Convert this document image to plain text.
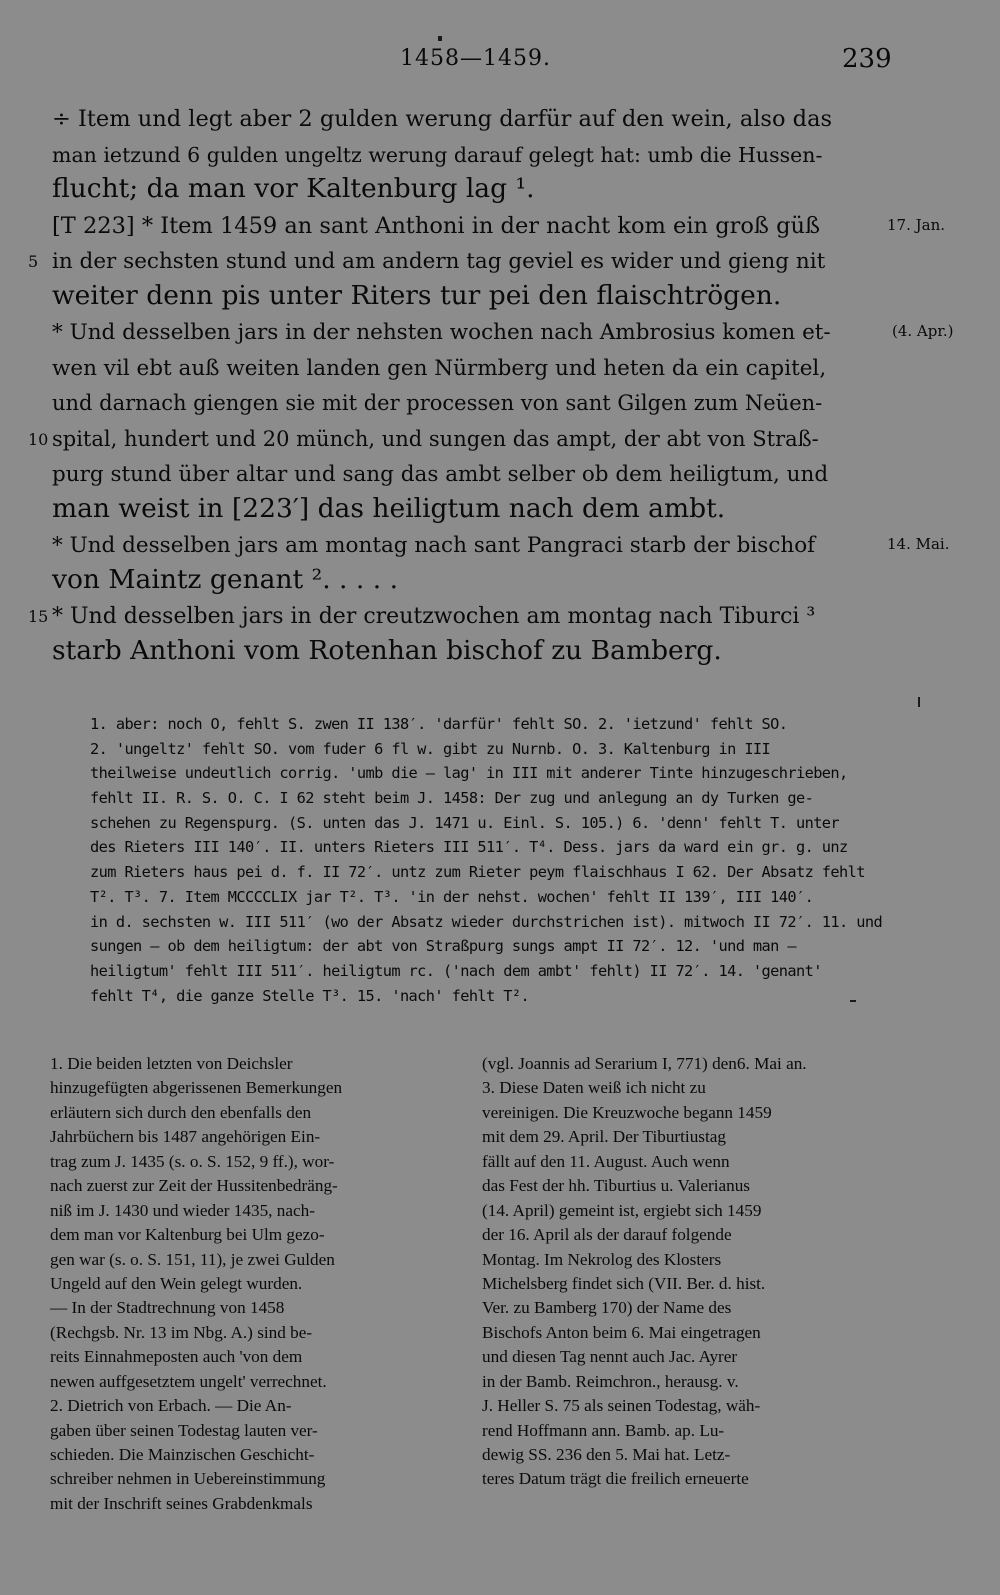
1458—1459.	239
÷ Item und legt aber 2 gulden werung darfür auf den wein, also das
man ietzund 6 gulden ungeltz werung darauf gelegt hat: umb die Hussen-
flucht; da man vor Kaltenburg lag ¹.
[T 223] * Item 1459 an sant Anthoni in der nacht kom ein groß güß	17. Jan.
5 in der sechsten stund und am andern tag geviel es wider und gieng nit
weiter denn pis unter Riters tur pei den flaischtrögen.
* Und desselben jars in der nehsten wochen nach Ambrosius komen et-	(4. Apr.)
wen vil ebt auß weiten landen gen Nürmberg und heten da ein capitel,
und darnach giengen sie mit der processen von sant Gilgen zum Neüen-
10 spital, hundert und 20 münch, und sungen das ampt, der abt von Straß-
purg stund über altar und sang das ambt selber ob dem heiligtum, und
man weist in [223′] das heiligtum nach dem ambt.
* Und desselben jars am montag nach sant Pangraci starb der bischof	14. Mai.
von Maintz genant ². . . . .
15 * Und desselben jars in der creutzwochen am montag nach Tiburci ³
starb Anthoni vom Rotenhan bischof zu Bamberg.
1. aber: noch O, fehlt S. zwen II 138′. 'darfür' fehlt SO. 2. 'ietzund' fehlt SO.2. 'ungeltz' fehlt SO. vom fuder 6 fl w. gibt zu Nurnb. O. 3. Kaltenburg in IIItheilweise undeutlich corrig. 'umb die — lag' in III mit anderer Tinte hinzugeschrieben,fehlt II. R. S. O. C. I 62 steht beim J. 1458: Der zug und anlegung an dy Turken ge-schehen zu Regenspurg. (S. unten das J. 1471 u. Einl. S. 105.) 6. 'denn' fehlt T. unterdes Rieters III 140′. II. unters Rieters III 511′. T⁴. Dess. jars da ward ein gr. g. unzzum Rieters haus pei d. f. II 72′. untz zum Rieter peym flaischhaus I 62. Der Absatz fehltT². T³. 7. Item MCCCCLIX jar T². T³. 'in der nehst. wochen' fehlt II 139′, III 140′.in d. sechsten w. III 511′ (wo der Absatz wieder durchstrichen ist). mitwoch II 72′. 11. undsungen — ob dem heiligtum: der abt von Straßpurg sungs ampt II 72′. 12. 'und man —heiligtum' fehlt III 511′. heiligtum rc. ('nach dem ambt' fehlt) II 72′. 14. 'genant'fehlt T⁴, die ganze Stelle T³. 15. 'nach' fehlt T².
1. Die beiden letzten von Deichslerhinzugefügten abgerissenen Bemerkungenerläutern sich durch den ebenfalls denJahrbüchern bis 1487 angehörigen Ein-trag zum J. 1435 (s. o. S. 152, 9 ff.), wor-nach zuerst zur Zeit der Hussitenbedräng-niß im J. 1430 und wieder 1435, nach-dem man vor Kaltenburg bei Ulm gezo-gen war (s. o. S. 151, 11), je zwei GuldenUngeld auf den Wein gelegt wurden.— In der Stadtrechnung von 1458(Rechgsb. Nr. 13 im Nbg. A.) sind be-reits Einnahmeposten auch 'von demnewen auffgesetztem ungelt' verrechnet.2. Dietrich von Erbach. — Die An-gaben über seinen Todestag lauten ver-schieden. Die Mainzischen Geschicht-schreiber nehmen in Uebereinstimmungmit der Inschrift seines Grabdenkmals
(vgl. Joannis ad Serarium I, 771) den6. Mai an.3. Diese Daten weiß ich nicht zuvereinigen. Die Kreuzwoche begann 1459mit dem 29. April. Der Tiburtiustagfällt auf den 11. August. Auch wenndas Fest der hh. Tiburtius u. Valerianus(14. April) gemeint ist, ergiebt sich 1459der 16. April als der darauf folgendeMontag. Im Nekrolog des KlostersMichelsberg findet sich (VII. Ber. d. hist.Ver. zu Bamberg 170) der Name desBischofs Anton beim 6. Mai eingetragenund diesen Tag nennt auch Jac. Ayrerin der Bamb. Reimchron., herausg. v.J. Heller S. 75 als seinen Todestag, wäh-rend Hoffmann ann. Bamb. ap. Lu-dewig SS. 236 den 5. Mai hat. Letz-teres Datum trägt die freilich erneuerte
